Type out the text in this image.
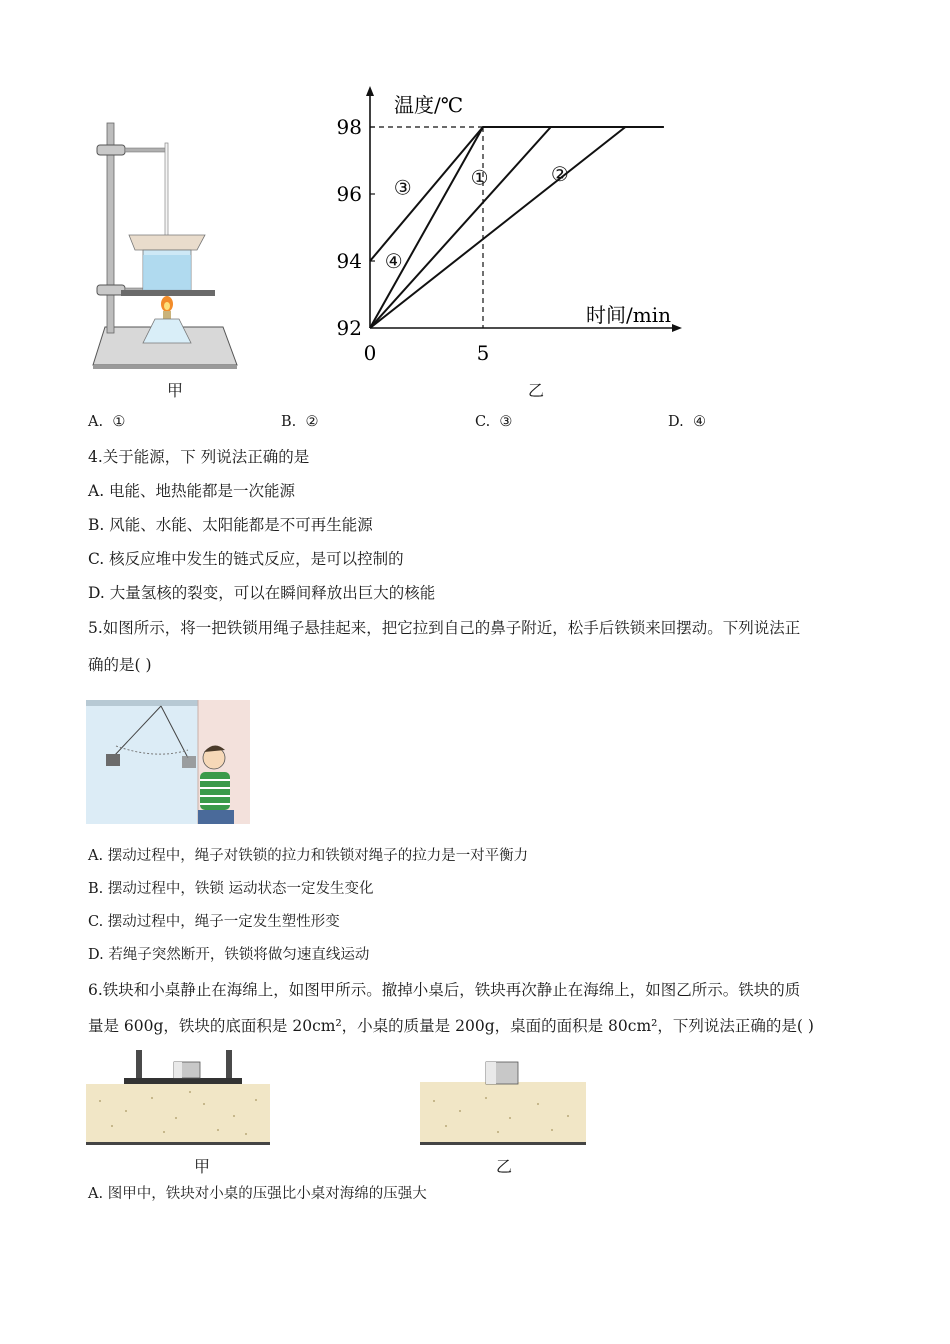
甲
温度/℃
时间/min
92
94
96
98
0	5
①	②
③
④
乙
A. ①	B. ②	C. ③	D. ④
4.关于能源，下 列说法正确的是
A. 电能、地热能都是一次能源
B. 风能、水能、太阳能都是不可再生能源
C. 核反应堆中发生的链式反应，是可以控制的
D. 大量氢核的裂变，可以在瞬间释放出巨大的核能
5.如图所示，将一把铁锁用绳子悬挂起来，把它拉到自己的鼻子附近，松手后铁锁来回摆动。下列说法正
确的是( )
A. 摆动过程中，绳子对铁锁的拉力和铁锁对绳子的拉力是一对平衡力
B. 摆动过程中，铁锁 运动状态一定发生变化
C. 摆动过程中，绳子一定发生塑性形变
D. 若绳子突然断开，铁锁将做匀速直线运动
6.铁块和小桌静止在海绵上，如图甲所示。撤掉小桌后，铁块再次静止在海绵上，如图乙所示。铁块的质
量是 600g，铁块的底面积是 20cm²，小桌的质量是 200g，桌面的面积是 80cm²，下列说法正确的是( )
甲	乙
A. 图甲中，铁块对小桌的压强比小桌对海绵的压强大
